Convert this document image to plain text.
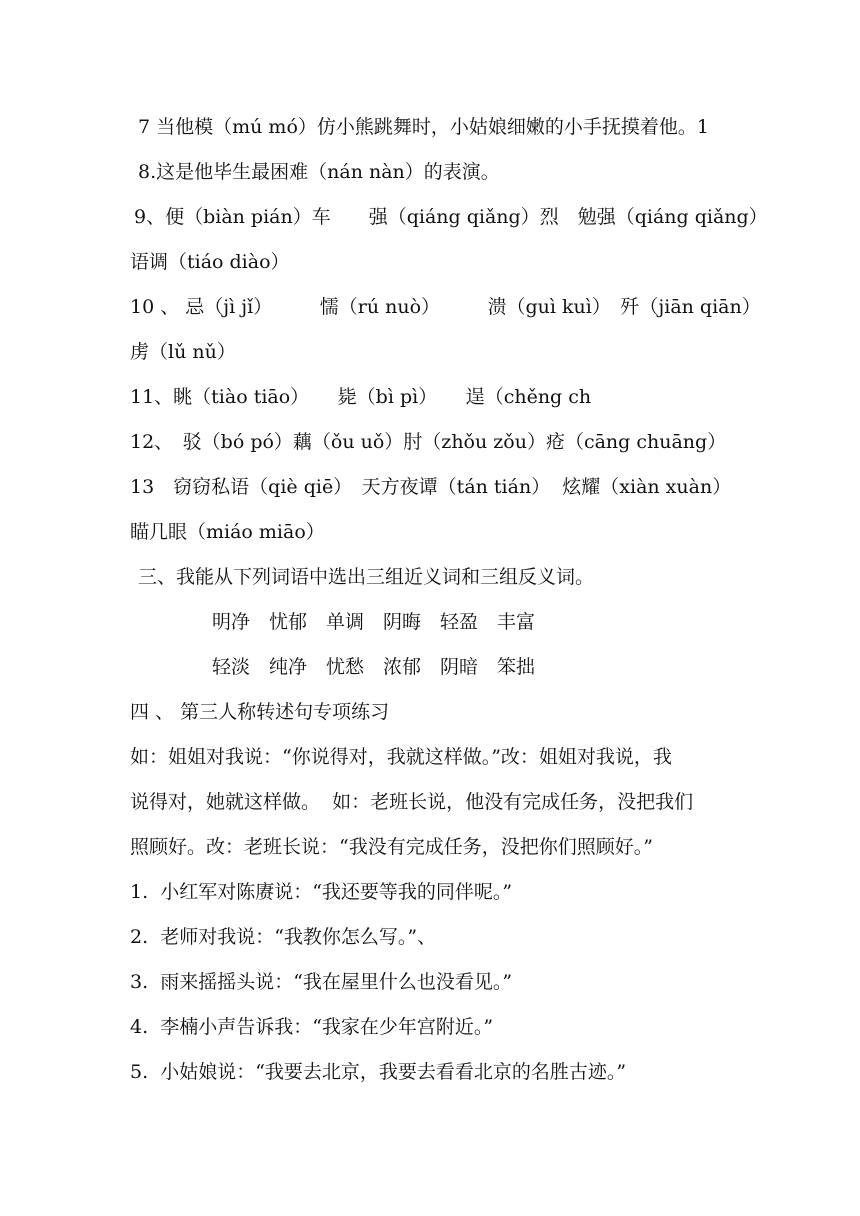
7 当他模（mú mó）仿小熊跳舞时，小姑娘细嫩的小手抚摸着他。1
8.这是他毕生最困难（nán nàn）的表演。
9、便（biàn pián）车　　强（qiáng qiǎng）烈　勉强（qiáng qiǎng）
语调（tiáo diào）
10 、 忌（jì jǐ）　　　懦（rú nuò）　　　溃（guì kuì）　歼（jiān qiān）
虏（lǔ nǔ）
11、眺（tiào tiāo）　　毙（bì pì）　　逞（chěng ch
12、　驳（bó pó）藕（ǒu uǒ）肘（zhǒu zǒu）疮（cāng chuāng）
13　窃窃私语（qiè qiē）　天方夜谭（tán tián）  炫耀（xiàn xuàn）
瞄几眼（miáo miāo）
三、我能从下列词语中选出三组近义词和三组反义词。
明净　忧郁　单调　阴晦　轻盈　丰富
轻淡　纯净　忧愁　浓郁　阴暗　笨拙
四 、 第三人称转述句专项练习
如：姐姐对我说：“你说得对，我就这样做。”改：姐姐对我说，我
说得对，她就这样做。  如：老班长说，他没有完成任务，没把我们
照顾好。改：老班长说：“我没有完成任务，没把你们照顾好。”
1.  小红军对陈赓说：“我还要等我的同伴呢。”
2.  老师对我说：“我教你怎么写。”、
3.  雨来摇摇头说：“我在屋里什么也没看见。”
4.  李楠小声告诉我：“我家在少年宫附近。”
5.  小姑娘说：“我要去北京，我要去看看北京的名胜古迹。”
